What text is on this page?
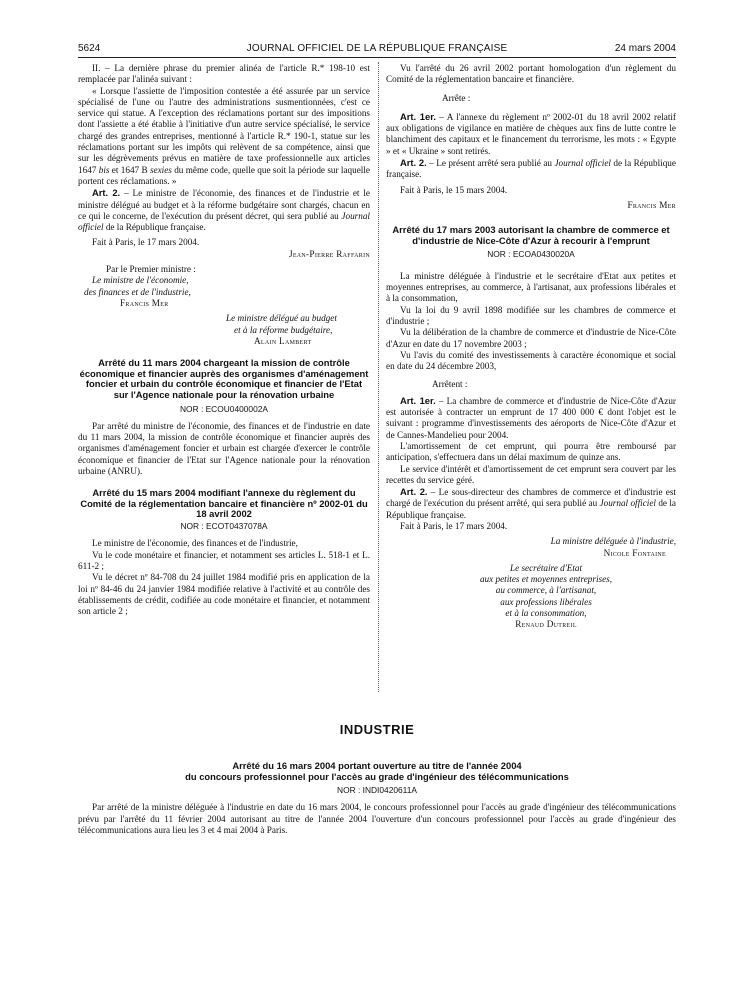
5624	JOURNAL OFFICIEL DE LA RÉPUBLIQUE FRANÇAISE	24 mars 2004

II. – La dernière phrase du premier alinéa de l'article R.* 198-10 est remplacée par l'alinéa suivant :

« Lorsque l'assiette de l'imposition contestée a été assurée par un service spécialisé de l'une ou l'autre des administrations susmentionnées, c'est ce service qui statue. A l'exception des réclamations portant sur des impositions dont l'assiette a été établie à l'initiative d'un autre service spécialisé, le service chargé des grandes entreprises, mentionné à l'article R.* 190-1, statue sur les réclamations portant sur les impôts qui relèvent de sa compétence, ainsi que sur les dégrèvements prévus en matière de taxe professionnelle aux articles 1647 bis et 1647 B sexies du même code, quelle que soit la période sur laquelle portent ces réclamations. »

Art. 2. – Le ministre de l'économie, des finances et de l'industrie et le ministre délégué au budget et à la réforme budgétaire sont chargés, chacun en ce qui le concerne, de l'exécution du présent décret, qui sera publié au Journal officiel de la République française.

Fait à Paris, le 17 mars 2004.

Jean-Pierre Raffarin

Par le Premier ministre :

Le ministre de l'économie,

des finances et de l'industrie,

Francis Mer

Le ministre délégué au budget

et à la réforme budgétaire,

Alain Lambert

Arrêté du 11 mars 2004 chargeant la mission de contrôle économique et financier auprès des organismes d'aménagement foncier et urbain du contrôle économique et financier de l'Etat sur l'Agence nationale pour la rénovation urbaine
NOR : ECOU0400002A

Par arrêté du ministre de l'économie, des finances et de l'industrie en date du 11 mars 2004, la mission de contrôle économique et financier auprès des organismes d'aménagement foncier et urbain est chargée d'exercer le contrôle économique et financier de l'Etat sur l'Agence nationale pour la rénovation urbaine (ANRU).

Arrêté du 15 mars 2004 modifiant l'annexe du règlement du Comité de la réglementation bancaire et financière nº 2002-01 du 18 avril 2002
NOR : ECOT0437078A

Le ministre de l'économie, des finances et de l'industrie,

Vu le code monétaire et financier, et notamment ses articles L. 518-1 et L. 611-2 ;

Vu le décret nº 84-708 du 24 juillet 1984 modifié pris en application de la loi nº 84-46 du 24 janvier 1984 modifiée relative à l'activité et au contrôle des établissements de crédit, codifiée au code monétaire et financier, et notamment son article 2 ;

Vu l'arrêté du 26 avril 2002 portant homologation d'un règlement du Comité de la réglementation bancaire et financière.

Arrête :

Art. 1er. – A l'annexe du règlement nº 2002-01 du 18 avril 2002 relatif aux obligations de vigilance en matière de chèques aux fins de lutte contre le blanchiment des capitaux et le financement du terrorisme, les mots : « Egypte » et « Ukraine » sont retirés.

Art. 2. – Le présent arrêté sera publié au Journal officiel de la République française.

Fait à Paris, le 15 mars 2004.

Francis Mer

Arrêté du 17 mars 2003 autorisant la chambre de commerce et d'industrie de Nice-Côte d'Azur à recourir à l'emprunt
NOR : ECOA0430020A

La ministre déléguée à l'industrie et le secrétaire d'Etat aux petites et moyennes entreprises, au commerce, à l'artisanat, aux professions libérales et à la consommation,

Vu la loi du 9 avril 1898 modifiée sur les chambres de commerce et d'industrie ;

Vu la délibération de la chambre de commerce et d'industrie de Nice-Côte d'Azur en date du 17 novembre 2003 ;

Vu l'avis du comité des investissements à caractère économique et social en date du 24 décembre 2003,

Arrêtent :

Art. 1er. – La chambre de commerce et d'industrie de Nice-Côte d'Azur est autorisée à contracter un emprunt de 17 400 000 € dont l'objet est le suivant : programme d'investissements des aéroports de Nice-Côte d'Azur et de Cannes-Mandelieu pour 2004.

L'amortissement de cet emprunt, qui pourra être remboursé par anticipation, s'effectuera dans un délai maximum de quinze ans.

Le service d'intérêt et d'amortissement de cet emprunt sera couvert par les recettes du service géré.

Art. 2. – Le sous-directeur des chambres de commerce et d'industrie est chargé de l'exécution du présent arrêté, qui sera publié au Journal officiel de la République française.

Fait à Paris, le 17 mars 2004.

La ministre déléguée à l'industrie,

Nicole Fontaine

Le secrétaire d'Etat

aux petites et moyennes entreprises,

au commerce, à l'artisanat,

aux professions libérales

et à la consommation,

Renaud Dutreil

INDUSTRIE
Arrêté du 16 mars 2004 portant ouverture au titre de l'année 2004
du concours professionnel pour l'accès au grade d'ingénieur des télécommunications
NOR : INDI0420611A

Par arrêté de la ministre déléguée à l'industrie en date du 16 mars 2004, le concours professionnel pour l'accès au grade d'ingénieur des télécommunications prévu par l'arrêté du 11 février 2004 autorisant au titre de l'année 2004 l'ouverture d'un concours professionnel pour l'accès au grade d'ingénieur des télécommunications aura lieu les 3 et 4 mai 2004 à Paris.
